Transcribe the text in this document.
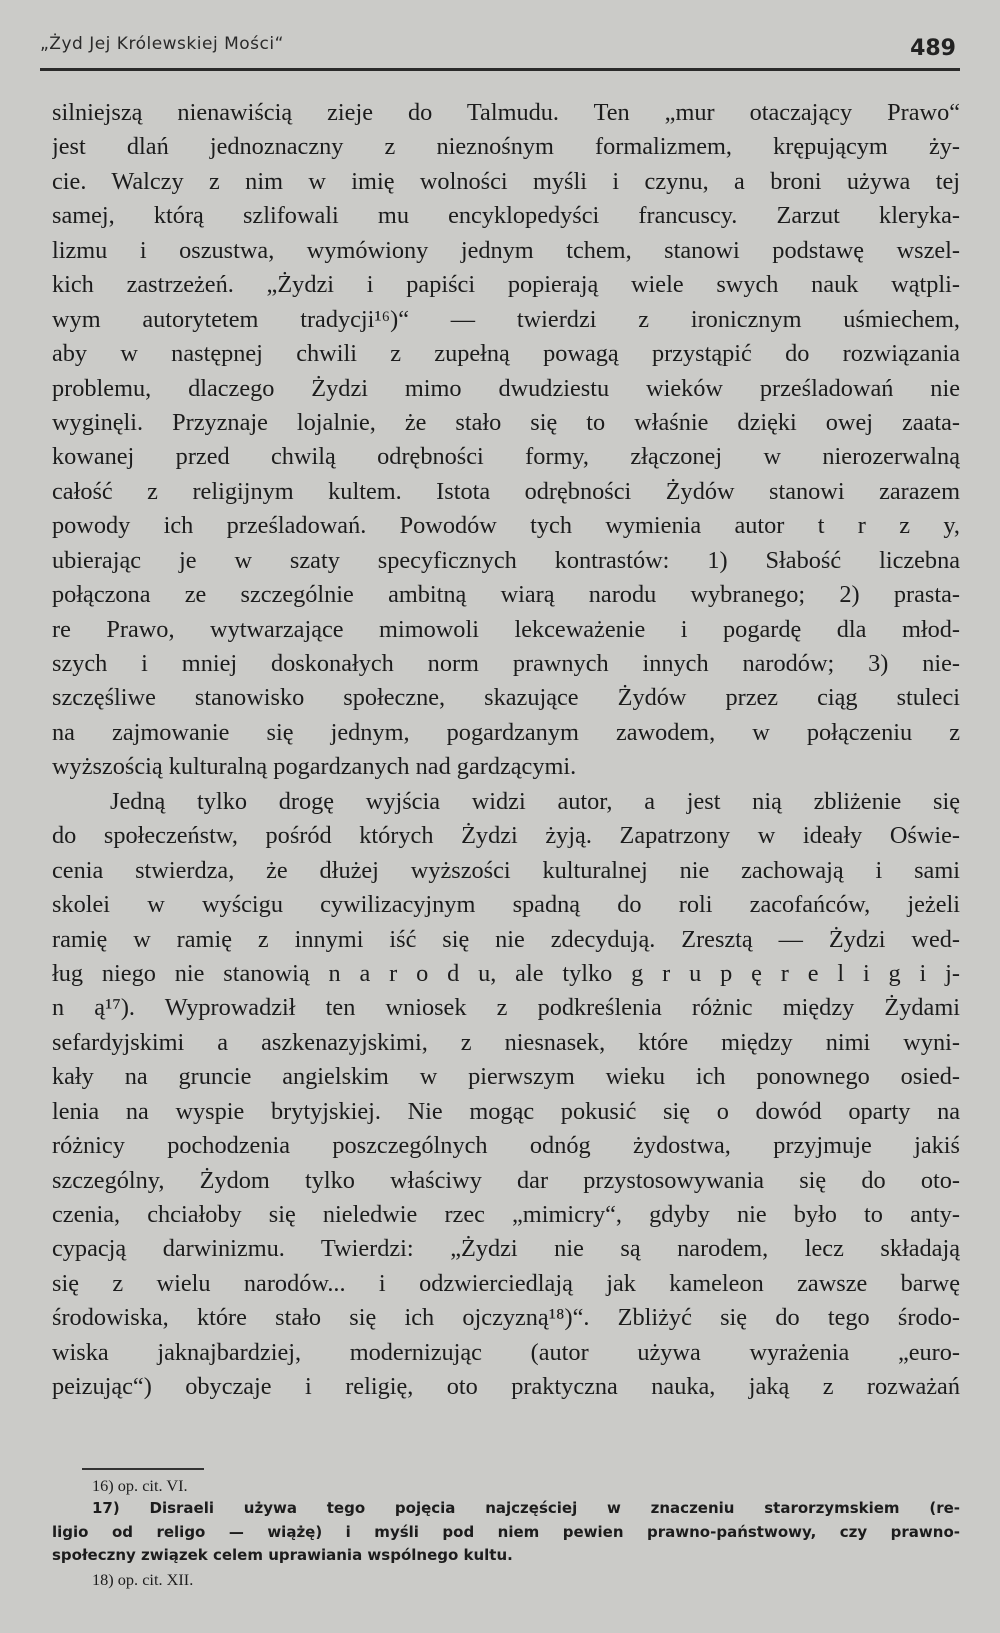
„Żyd Jej Królewskiej Mości“	489
silniejszą nienawiścią zieje do Talmudu. Ten „mur otaczający Prawo“
jest dlań jednoznaczny z nieznośnym formalizmem, krępującym ży-
cie. Walczy z nim w imię wolności myśli i czynu, a broni używa tej
samej, którą szlifowali mu encyklopedyści francuscy. Zarzut kleryka-
lizmu i oszustwa, wymówiony jednym tchem, stanowi podstawę wszel-
kich zastrzeżeń. „Żydzi i papiści popierają wiele swych nauk wątpli-
wym autorytetem tradycji¹⁶)“ — twierdzi z ironicznym uśmiechem,
aby w następnej chwili z zupełną powagą przystąpić do rozwiązania
problemu, dlaczego Żydzi mimo dwudziestu wieków prześladowań nie
wyginęli. Przyznaje lojalnie, że stało się to właśnie dzięki owej zaata-
kowanej przed chwilą odrębności formy, złączonej w nierozerwalną
całość z religijnym kultem. Istota odrębności Żydów stanowi zarazem
powody ich prześladowań. Powodów tych wymienia autor t r z y,
ubierając je w szaty specyficznych kontrastów: 1) Słabość liczebna
połączona ze szczególnie ambitną wiarą narodu wybranego; 2) prasta-
re Prawo, wytwarzające mimowoli lekceważenie i pogardę dla młod-
szych i mniej doskonałych norm prawnych innych narodów; 3) nie-
szczęśliwe stanowisko społeczne, skazujące Żydów przez ciąg stuleci
na zajmowanie się jednym, pogardzanym zawodem, w połączeniu z
wyższością kulturalną pogardzanych nad gardzącymi.
Jedną tylko drogę wyjścia widzi autor, a jest nią zbliżenie się
do społeczeństw, pośród których Żydzi żyją. Zapatrzony w ideały Oświe-
cenia stwierdza, że dłużej wyższości kulturalnej nie zachowają i sami
skolei w wyścigu cywilizacyjnym spadną do roli zacofańców, jeżeli
ramię w ramię z innymi iść się nie zdecydują. Zresztą — Żydzi wed-
ług niego nie stanowią n a r o d u, ale tylko g r u p ę r e l i g i j-
n ą¹⁷). Wyprowadził ten wniosek z podkreślenia różnic między Żydami
sefardyjskimi a aszkenazyjskimi, z niesnasek, które między nimi wyni-
kały na gruncie angielskim w pierwszym wieku ich ponownego osied-
lenia na wyspie brytyjskiej. Nie mogąc pokusić się o dowód oparty na
różnicy pochodzenia poszczególnych odnóg żydostwa, przyjmuje jakiś
szczególny, Żydom tylko właściwy dar przystosowywania się do oto-
czenia, chciałoby się nieledwie rzec „mimicry“, gdyby nie było to anty-
cypacją darwinizmu. Twierdzi: „Żydzi nie są narodem, lecz składają
się z wielu narodów... i odzwierciedlają jak kameleon zawsze barwę
środowiska, które stało się ich ojczyzną¹⁸)“. Zbliżyć się do tego środo-
wiska jaknajbardziej, modernizując (autor używa wyrażenia „euro-
peizując“) obyczaje i religię, oto praktyczna nauka, jaką z rozważań
16) op. cit. VI.
17) Disraeli używa tego pojęcia najczęściej w znaczeniu starorzymskiem (re-
ligio od religo — wiążę) i myśli pod niem pewien prawno-państwowy, czy prawno-
społeczny związek celem uprawiania wspólnego kultu.
18) op. cit. XII.
